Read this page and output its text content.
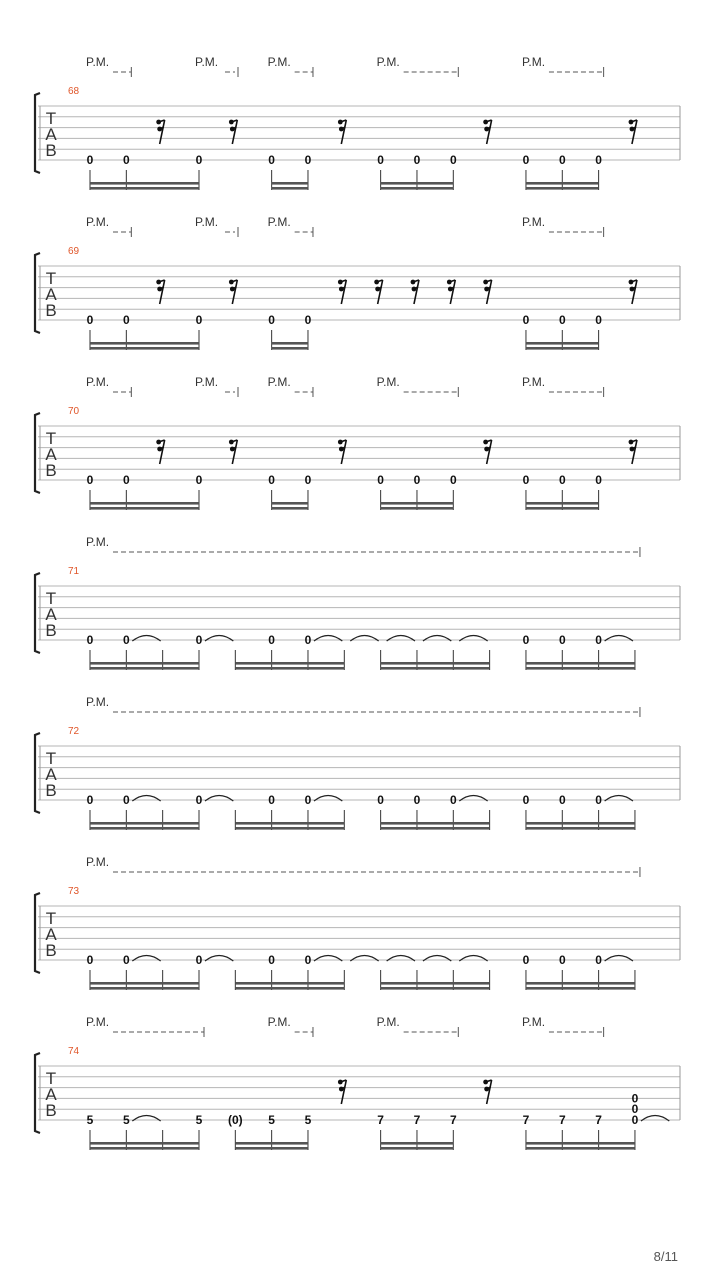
T
A
B
68
P.M.	P.M.	P.M.	P.M.	P.M.
0 0	0	0 0	0 0 0	0 0 0
T
A
B
69
P.M.	P.M.	P.M.	P.M.
0 0	0	0 0	0 0 0
T
A
B
70
P.M.	P.M.	P.M.	P.M.	P.M.
0 0	0	0 0	0 0 0	0 0 0
T
A
B
71
P.M.
0 0	0	0 0	0 0 0
T
A
B
72
P.M.
0 0	0	0 0	0 0 0	0 0 0
T
A
B
73
P.M.
0 0	0	0 0	0 0 0
T
A
B
74
P.M.	P.M.	P.M.	P.M.
5 5	5 (0) 5 5	7 7 7	7 7 7
0
0
0
8/11
